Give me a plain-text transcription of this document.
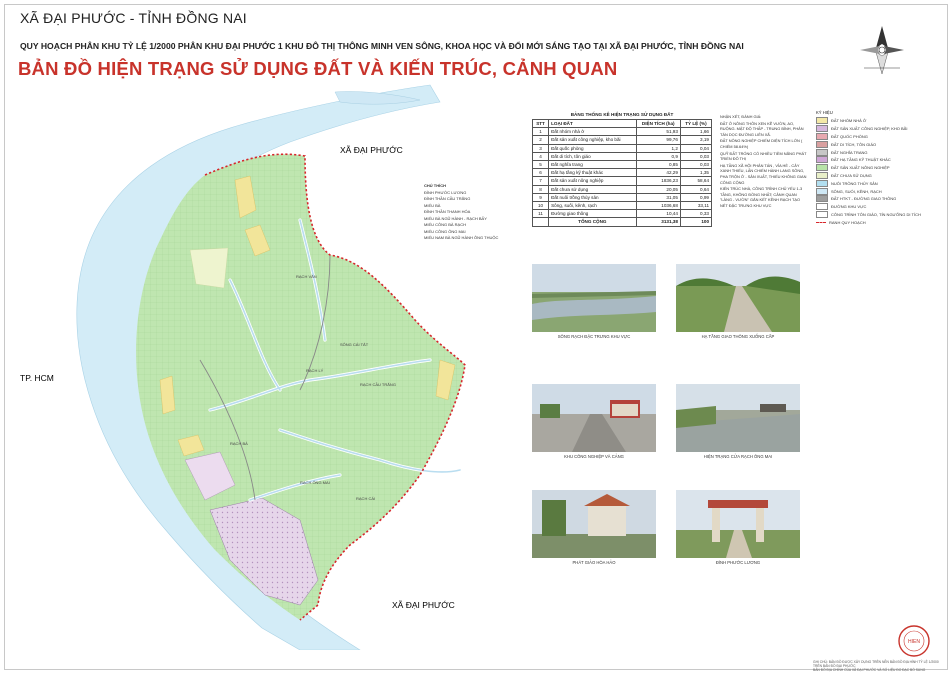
XÃ ĐẠI PHƯỚC - TỈNH ĐỒNG NAI
QUY HOẠCH PHÂN KHU TỶ LỆ 1/2000 PHÂN KHU ĐẠI PHƯỚC 1 KHU ĐÔ THỊ THÔNG MINH VEN SÔNG, KHOA HỌC VÀ ĐỔI MỚI SÁNG TẠO TẠI XÃ ĐẠI PHƯỚC, TỈNH ĐỒNG NAI
BẢN ĐỒ HIỆN TRẠNG SỬ DỤNG ĐẤT VÀ KIẾN TRÚC, CẢNH QUAN
XÃ ĐẠI PHƯỚC
XÃ ĐẠI PHƯỚC
TP. HCM
RẠCH ÔNG MAI
SÔNG CÁI TẮT
RẠCH CẦU TRĂNG
RẠCH BÁ
RẠCH VĂN
RẠCH LÝ
RẠCH CÁI
CHÚ THÍCH
ĐÌNH PHƯỚC LƯƠNG
ĐÌNH THẦN CẦU TRĂNG
MIẾU BÀ
ĐÌNH THẦN THANH HÓA
MIẾU BÀ NGŨ HÀNH - RẠCH BẤY
MIẾU CÔNG BÀ RẠCH
MIẾU CÔNG ÔNG MAI
MIẾU NAM BÀ NGŨ HÀNH ÔNG THUỘC
BẢNG THỐNG KÊ HIỆN TRẠNG SỬ DỤNG ĐẤT
STT	LOẠI ĐẤT	DIỆN TÍCH (ha)	TỶ LỆ (%)
1	Đất nhóm nhà ở	51,93	1,66
2	Đất sản xuất công nghiệp, kho bãi	99,76	3,19
3	Đất quốc phòng	1,2	0,04
4	Đất di tích, tôn giáo	0,9	0,03
5	Đất nghĩa trang	0,85	0,03
6	Đất hạ tầng kỹ thuật khác	42,29	1,35
7	Đất sản xuất nông nghiệp	1836,23	58,64
8	Đất chưa sử dụng	20,05	0,64
9	Đất nuôi trồng thủy sản	31,05	0,99
10	Sông, suối, kênh, rạch	1036,68	33,11
11	Đường giao thông	10,44	0,33
	TỔNG CỘNG	3131,38	100

NHẬN XÉT, ĐÁNH GIÁ:

ĐẤT Ở NÔNG THÔN XEN KẼ VƯỜN, AO, RUỘNG. MẬT ĐỘ THẤP - TRUNG BÌNH, PHÂN TÁN DỌC ĐƯỜNG LIÊN XÃ.

ĐẤT NÔNG NGHIỆP CHIẾM DIỆN TÍCH LỚN ( CHIẾM 58.64%)

QUỸ ĐẤT TRỐNG CÓ NHIỀU TIỀM NĂNG PHÁT TRIỂN ĐÔ THỊ

HẠ TẦNG XÃ HỘI PHÂN TÁN , VỈA HÈ - CÂY XANH THIẾU, LẤN CHIẾM HÀNH LANG SÔNG, PHA TRỘN Ở - SẢN XUẤT, THIẾU KHÔNG GIAN CÔNG CỘNG

KIẾN TRÚC NHÀ, CÔNG TRÌNH CHỦ YẾU 1-3 TẦNG, KHÔNG ĐỒNG NHẤT; CẢNH QUAN "LÀNG - VƯỜN" GẮN KẾT KÊNH RẠCH TẠO NÉT ĐẶC TRƯNG KHU VỰC

KÝ HIỆU
ĐẤT NHÓM NHÀ Ở
ĐẤT SẢN XUẤT CÔNG NGHIỆP, KHO BÃI
ĐẤT QUỐC PHÒNG
ĐẤT DI TÍCH, TÔN GIÁO
ĐẤT NGHĨA TRANG
ĐẤT HẠ TẦNG KỸ THUẬT KHÁC
ĐẤT SẢN XUẤT NÔNG NGHIỆP
ĐẤT CHƯA SỬ DỤNG
NUÔI TRỒNG THỦY SẢN
SÔNG, SUỐI, KÊNH, RẠCH
ĐẤT HTKT - ĐƯỜNG GIAO THÔNG
ĐƯỜNG KHU VỰC
CÔNG TRÌNH TÔN GIÁO, TÍN NGƯỠNG DI TÍCH
RANH QUY HOẠCH
SÔNG RẠCH ĐẶC TRƯNG KHU VỰC	HẠ TẦNG GIAO THÔNG XUỐNG CẤP
KHU CÔNG NGHIỆP VÀ CẢNG	HIỆN TRẠNG CỬA RẠCH ÔNG MAI
PHÁT GIẢO HÒA HẢO	ĐÌNH PHƯỚC LƯƠNG
HIEN
GHI CHÚ: BẢN ĐỒ ĐƯỢC XÂY DỰNG TRÊN NỀN BẢN ĐỒ ĐỊA HÌNH TỶ LỆ 1/2000 TRÊN BẢN ĐỒ ĐẠI PHƯỚC
BẢN ĐỒ ĐỊA CHÍNH CỦA XÃ ĐẠI PHƯỚC VÀ SỐ LIỆU ĐO ĐẠC BỔ SUNG
